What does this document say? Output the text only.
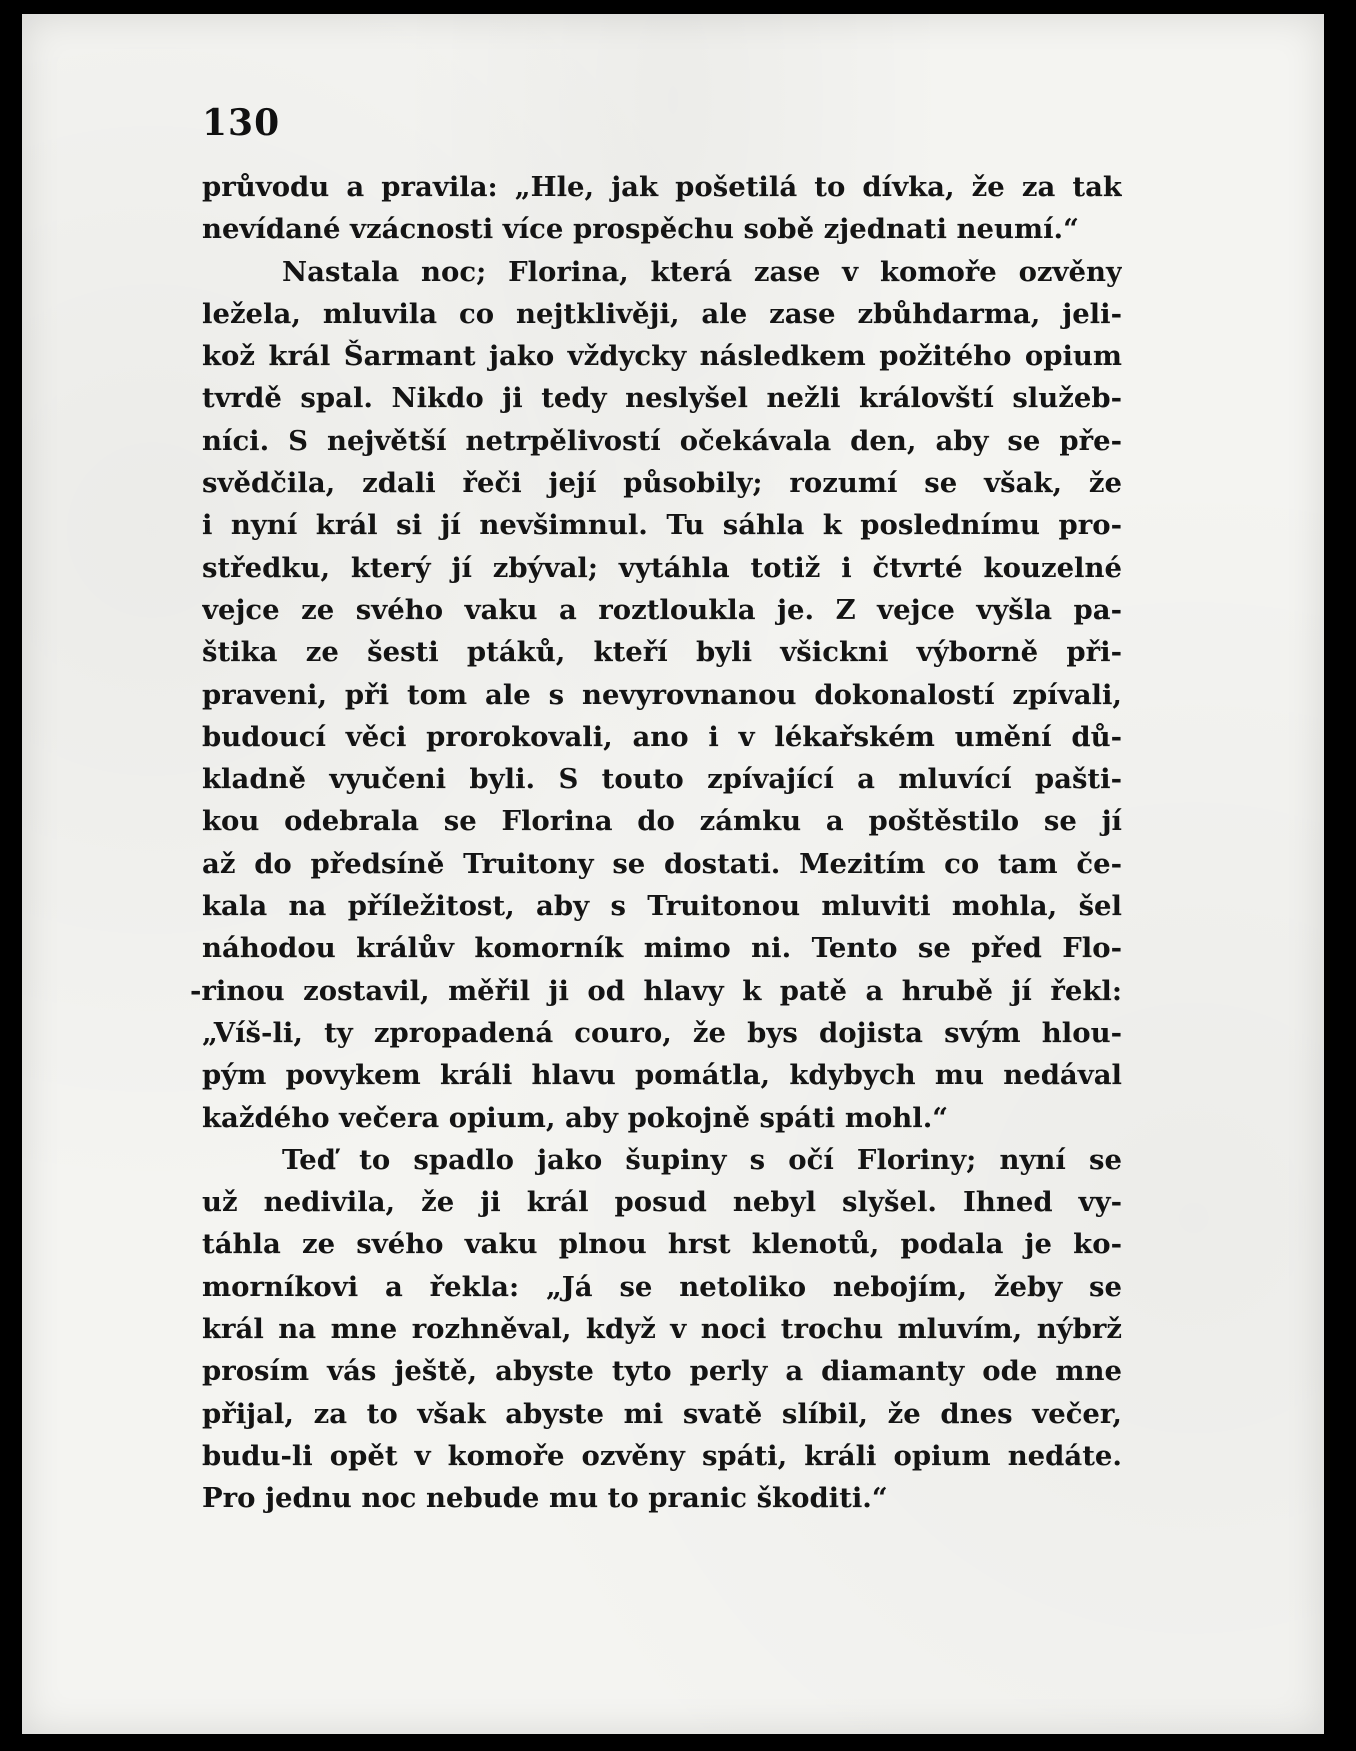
130
průvodu a pravila: „Hle, jak pošetilá to dívka, že za tak
nevídané vzácnosti více prospěchu sobě zjednati neumí.“
Nastala noc; Florina, která zase v komoře ozvěny
ležela, mluvila co nejtklivěji, ale zase zbůhdarma, jeli-
kož král Šarmant jako vždycky následkem požitého opium
tvrdě spal. Nikdo ji tedy neslyšel nežli královští služeb-
níci. S největší netrpělivostí očekávala den, aby se pře-
svědčila, zdali řeči její působily; rozumí se však, že
i nyní král si jí nevšimnul. Tu sáhla k poslednímu pro-
středku, který jí zbýval; vytáhla totiž i čtvrté kouzelné
vejce ze svého vaku a roztloukla je. Z vejce vyšla pa-
štika ze šesti ptáků, kteří byli všickni výborně při-
praveni, při tom ale s nevyrovnanou dokonalostí zpívali,
budoucí věci prorokovali, ano i v lékařském umění dů-
kladně vyučeni byli. S touto zpívající a mluvící pašti-
kou odebrala se Florina do zámku a poštěstilo se jí
až do předsíně Truitony se dostati. Mezitím co tam če-
kala na příležitost, aby s Truitonou mluviti mohla, šel
náhodou králův komorník mimo ni. Tento se před Flo-
-rinou zostavil, měřil ji od hlavy k patě a hrubě jí řekl:
„Víš-li, ty zpropadená couro, že bys dojista svým hlou-
pým povykem králi hlavu pomátla, kdybych mu nedával
každého večera opium, aby pokojně spáti mohl.“
Teď to spadlo jako šupiny s očí Floriny; nyní se
už nedivila, že ji král posud nebyl slyšel. Ihned vy-
táhla ze svého vaku plnou hrst klenotů, podala je ko-
morníkovi a řekla: „Já se netoliko nebojím, žeby se
král na mne rozhněval, když v noci trochu mluvím, nýbrž
prosím vás ještě, abyste tyto perly a diamanty ode mne
přijal, za to však abyste mi svatě slíbil, že dnes večer,
budu-li opět v komoře ozvěny spáti, králi opium nedáte.
Pro jednu noc nebude mu to pranic škoditi.“
